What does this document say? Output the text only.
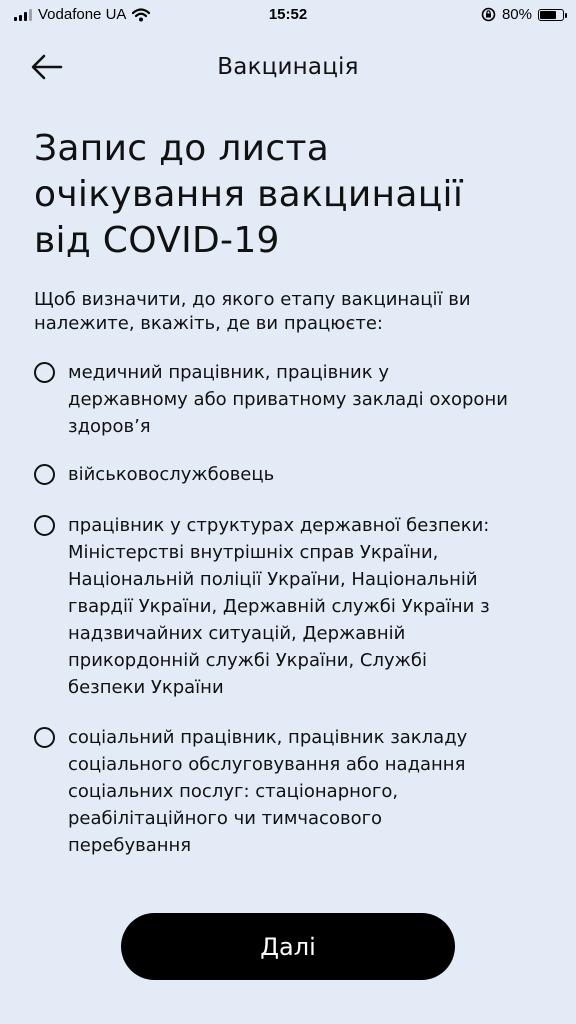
Vodafone UA	15:52	80%
Вакцинація
Запис до листа
очікування вакцинації
від COVID-19

Щоб визначити, до якого етапу вакцинації ви
належите, вкажіть, де ви працюєте:

медичний працівник, працівник у
державному або приватному закладі охорони
здоров’я
військовослужбовець
працівник у структурах державної безпеки:
Міністерстві внутрішніх справ України,
Національній поліції України, Національній
гвардії України, Державній службі України з
надзвичайних ситуацій, Державній
прикордонній службі України, Службі
безпеки України
соціальний працівник, працівник закладу
соціального обслуговування або надання
соціальних послуг: стаціонарного,
реабілітаційного чи тимчасового
перебування
Далі
